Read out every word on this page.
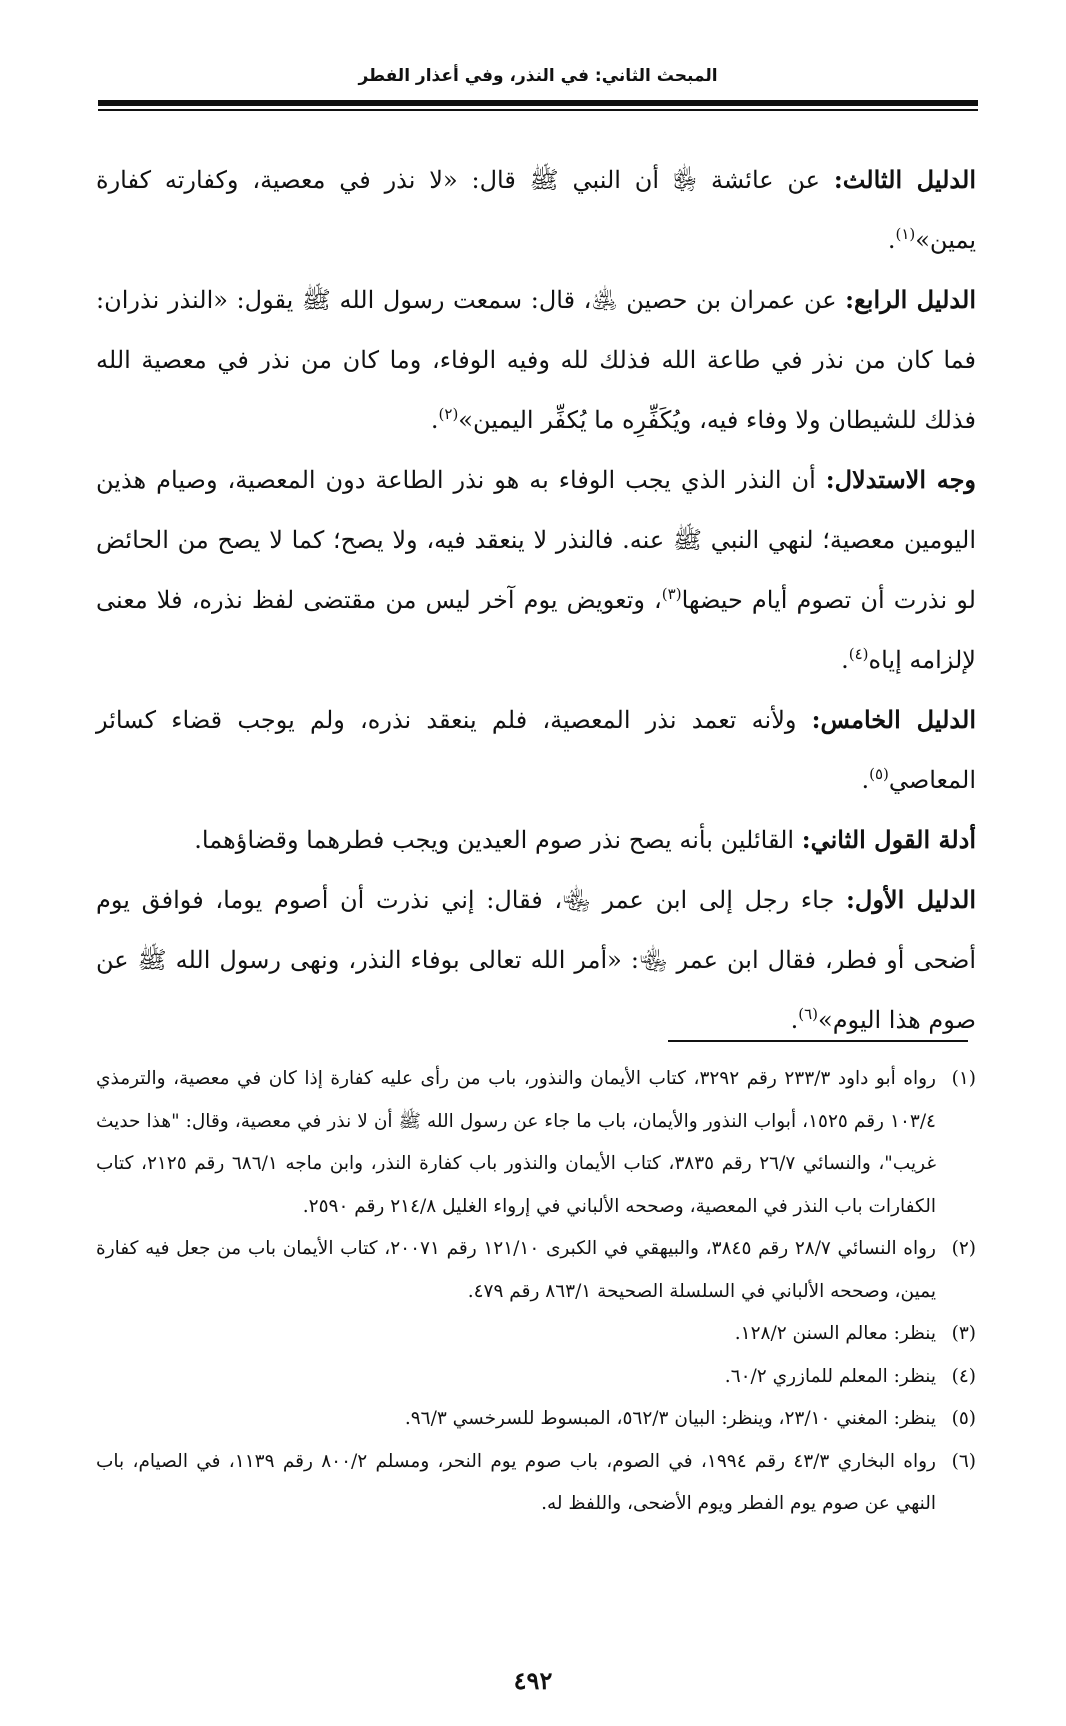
المبحث الثاني: في النذر، وفي أعذار الفطر

الدليل الثالث: عن عائشة ﵂ أن النبي ﷺ قال: «لا نذر في معصية، وكفارته كفارة يمين»$^{(١)}$.

الدليل الرابع: عن عمران بن حصين ﵁، قال: سمعت رسول الله ﷺ يقول: «النذر نذران: فما كان من نذر في طاعة الله فذلك لله وفيه الوفاء، وما كان من نذر في معصية الله فذلك للشيطان ولا وفاء فيه، ويُكَفِّرِه ما يُكفِّر اليمين»$^{(٢)}$.

وجه الاستدلال: أن النذر الذي يجب الوفاء به هو نذر الطاعة دون المعصية، وصيام هذين اليومين معصية؛ لنهي النبي ﷺ عنه. فالنذر لا ينعقد فيه، ولا يصح؛ كما لا يصح من الحائض لو نذرت أن تصوم أيام حيضها$^{(٣)}$، وتعويض يوم آخر ليس من مقتضى لفظ نذره، فلا معنى لإلزامه إياه$^{(٤)}$.

الدليل الخامس: ولأنه تعمد نذر المعصية، فلم ينعقد نذره، ولم يوجب قضاء كسائر المعاصي$^{(٥)}$.

أدلة القول الثاني: القائلين بأنه يصح نذر صوم العيدين ويجب فطرهما وقضاؤهما.

الدليل الأول: جاء رجل إلى ابن عمر ﵄، فقال: إني نذرت أن أصوم يوما، فوافق يوم أضحى أو فطر، فقال ابن عمر ﵄: «أمر الله تعالى بوفاء النذر، ونهى رسول الله ﷺ عن صوم هذا اليوم»$^{(٦)}$.

(١)رواه أبو داود ٢٣٣/٣ رقم ٣٢٩٢، كتاب الأيمان والنذور، باب من رأى عليه كفارة إذا كان في معصية، والترمذي ١٠٣/٤ رقم ١٥٢٥، أبواب النذور والأيمان، باب ما جاء عن رسول الله ﷺ أن لا نذر في معصية، وقال: "هذا حديث غريب"، والنسائي ٢٦/٧ رقم ٣٨٣٥، كتاب الأيمان والنذور باب كفارة النذر، وابن ماجه ٦٨٦/١ رقم ٢١٢٥، كتاب الكفارات باب النذر في المعصية، وصححه الألباني في إرواء الغليل ٢١٤/٨ رقم ٢٥٩٠.

(٢)رواه النسائي ٢٨/٧ رقم ٣٨٤٥، والبيهقي في الكبرى ١٢١/١٠ رقم ٢٠٠٧١، كتاب الأيمان باب من جعل فيه كفارة يمين، وصححه الألباني في السلسلة الصحيحة ٨٦٣/١ رقم ٤٧٩.

(٣)ينظر: معالم السنن ١٢٨/٢.

(٤)ينظر: المعلم للمازري ٦٠/٢.

(٥)ينظر: المغني ٢٣/١٠، وينظر: البيان ٥٦٢/٣، المبسوط للسرخسي ٩٦/٣.

(٦)رواه البخاري ٤٣/٣ رقم ١٩٩٤، في الصوم، باب صوم يوم النحر، ومسلم ٨٠٠/٢ رقم ١١٣٩، في الصيام، باب النهي عن صوم يوم الفطر ويوم الأضحى، واللفظ له.

٤٩٢
